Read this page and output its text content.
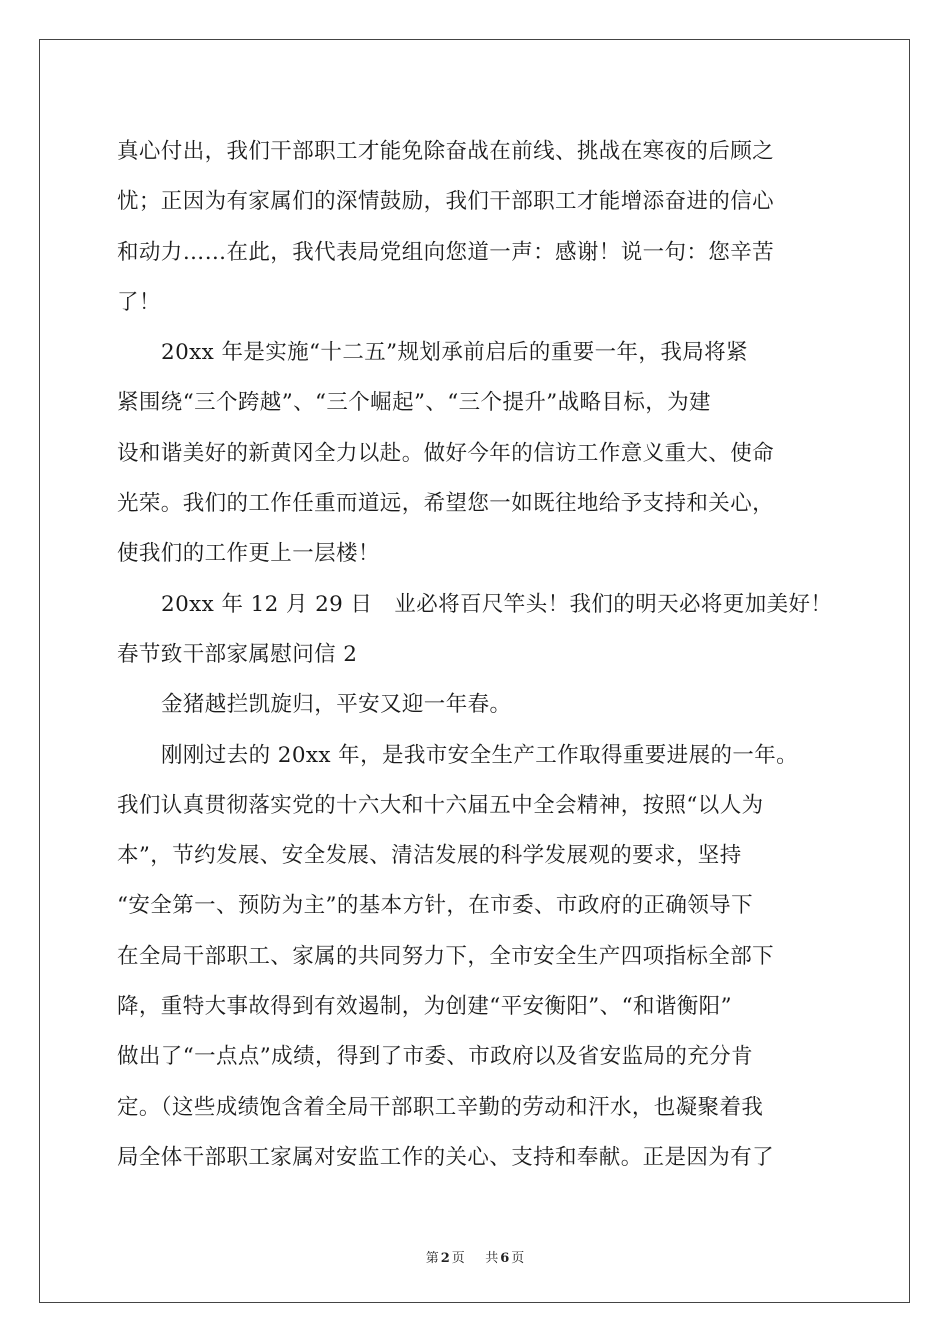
真心付出，我们干部职工才能免除奋战在前线、挑战在寒夜的后顾之
忧；正因为有家属们的深情鼓励，我们干部职工才能增添奋进的信心
和动力……在此，我代表局党组向您道一声：感谢！说一句：您辛苦
了！
20xx 年是实施“十二五”规划承前启后的重要一年，我局将紧
紧围绕“三个跨越”、“三个崛起”、“三个提升”战略目标，为建
设和谐美好的新黄冈全力以赴。做好今年的信访工作意义重大、使命
光荣。我们的工作任重而道远，希望您一如既往地给予支持和关心，
使我们的工作更上一层楼！
20xx 年 12 月 29 日　业必将百尺竿头！我们的明天必将更加美好！
春节致干部家属慰问信 2
金猪越拦凯旋归，平安又迎一年春。
刚刚过去的 20xx 年，是我市安全生产工作取得重要进展的一年。
我们认真贯彻落实党的十六大和十六届五中全会精神，按照“以人为
本”，节约发展、安全发展、清洁发展的科学发展观的要求，坚持
“安全第一、预防为主”的基本方针，在市委、市政府的正确领导下
在全局干部职工、家属的共同努力下，全市安全生产四项指标全部下
降，重特大事故得到有效遏制，为创建“平安衡阳”、“和谐衡阳”
做出了“一点点”成绩，得到了市委、市政府以及省安监局的充分肯
定。（这些成绩饱含着全局干部职工辛勤的劳动和汗水，也凝聚着我
局全体干部职工家属对安监工作的关心、支持和奉献。正是因为有了
第 2 页 共 6 页
